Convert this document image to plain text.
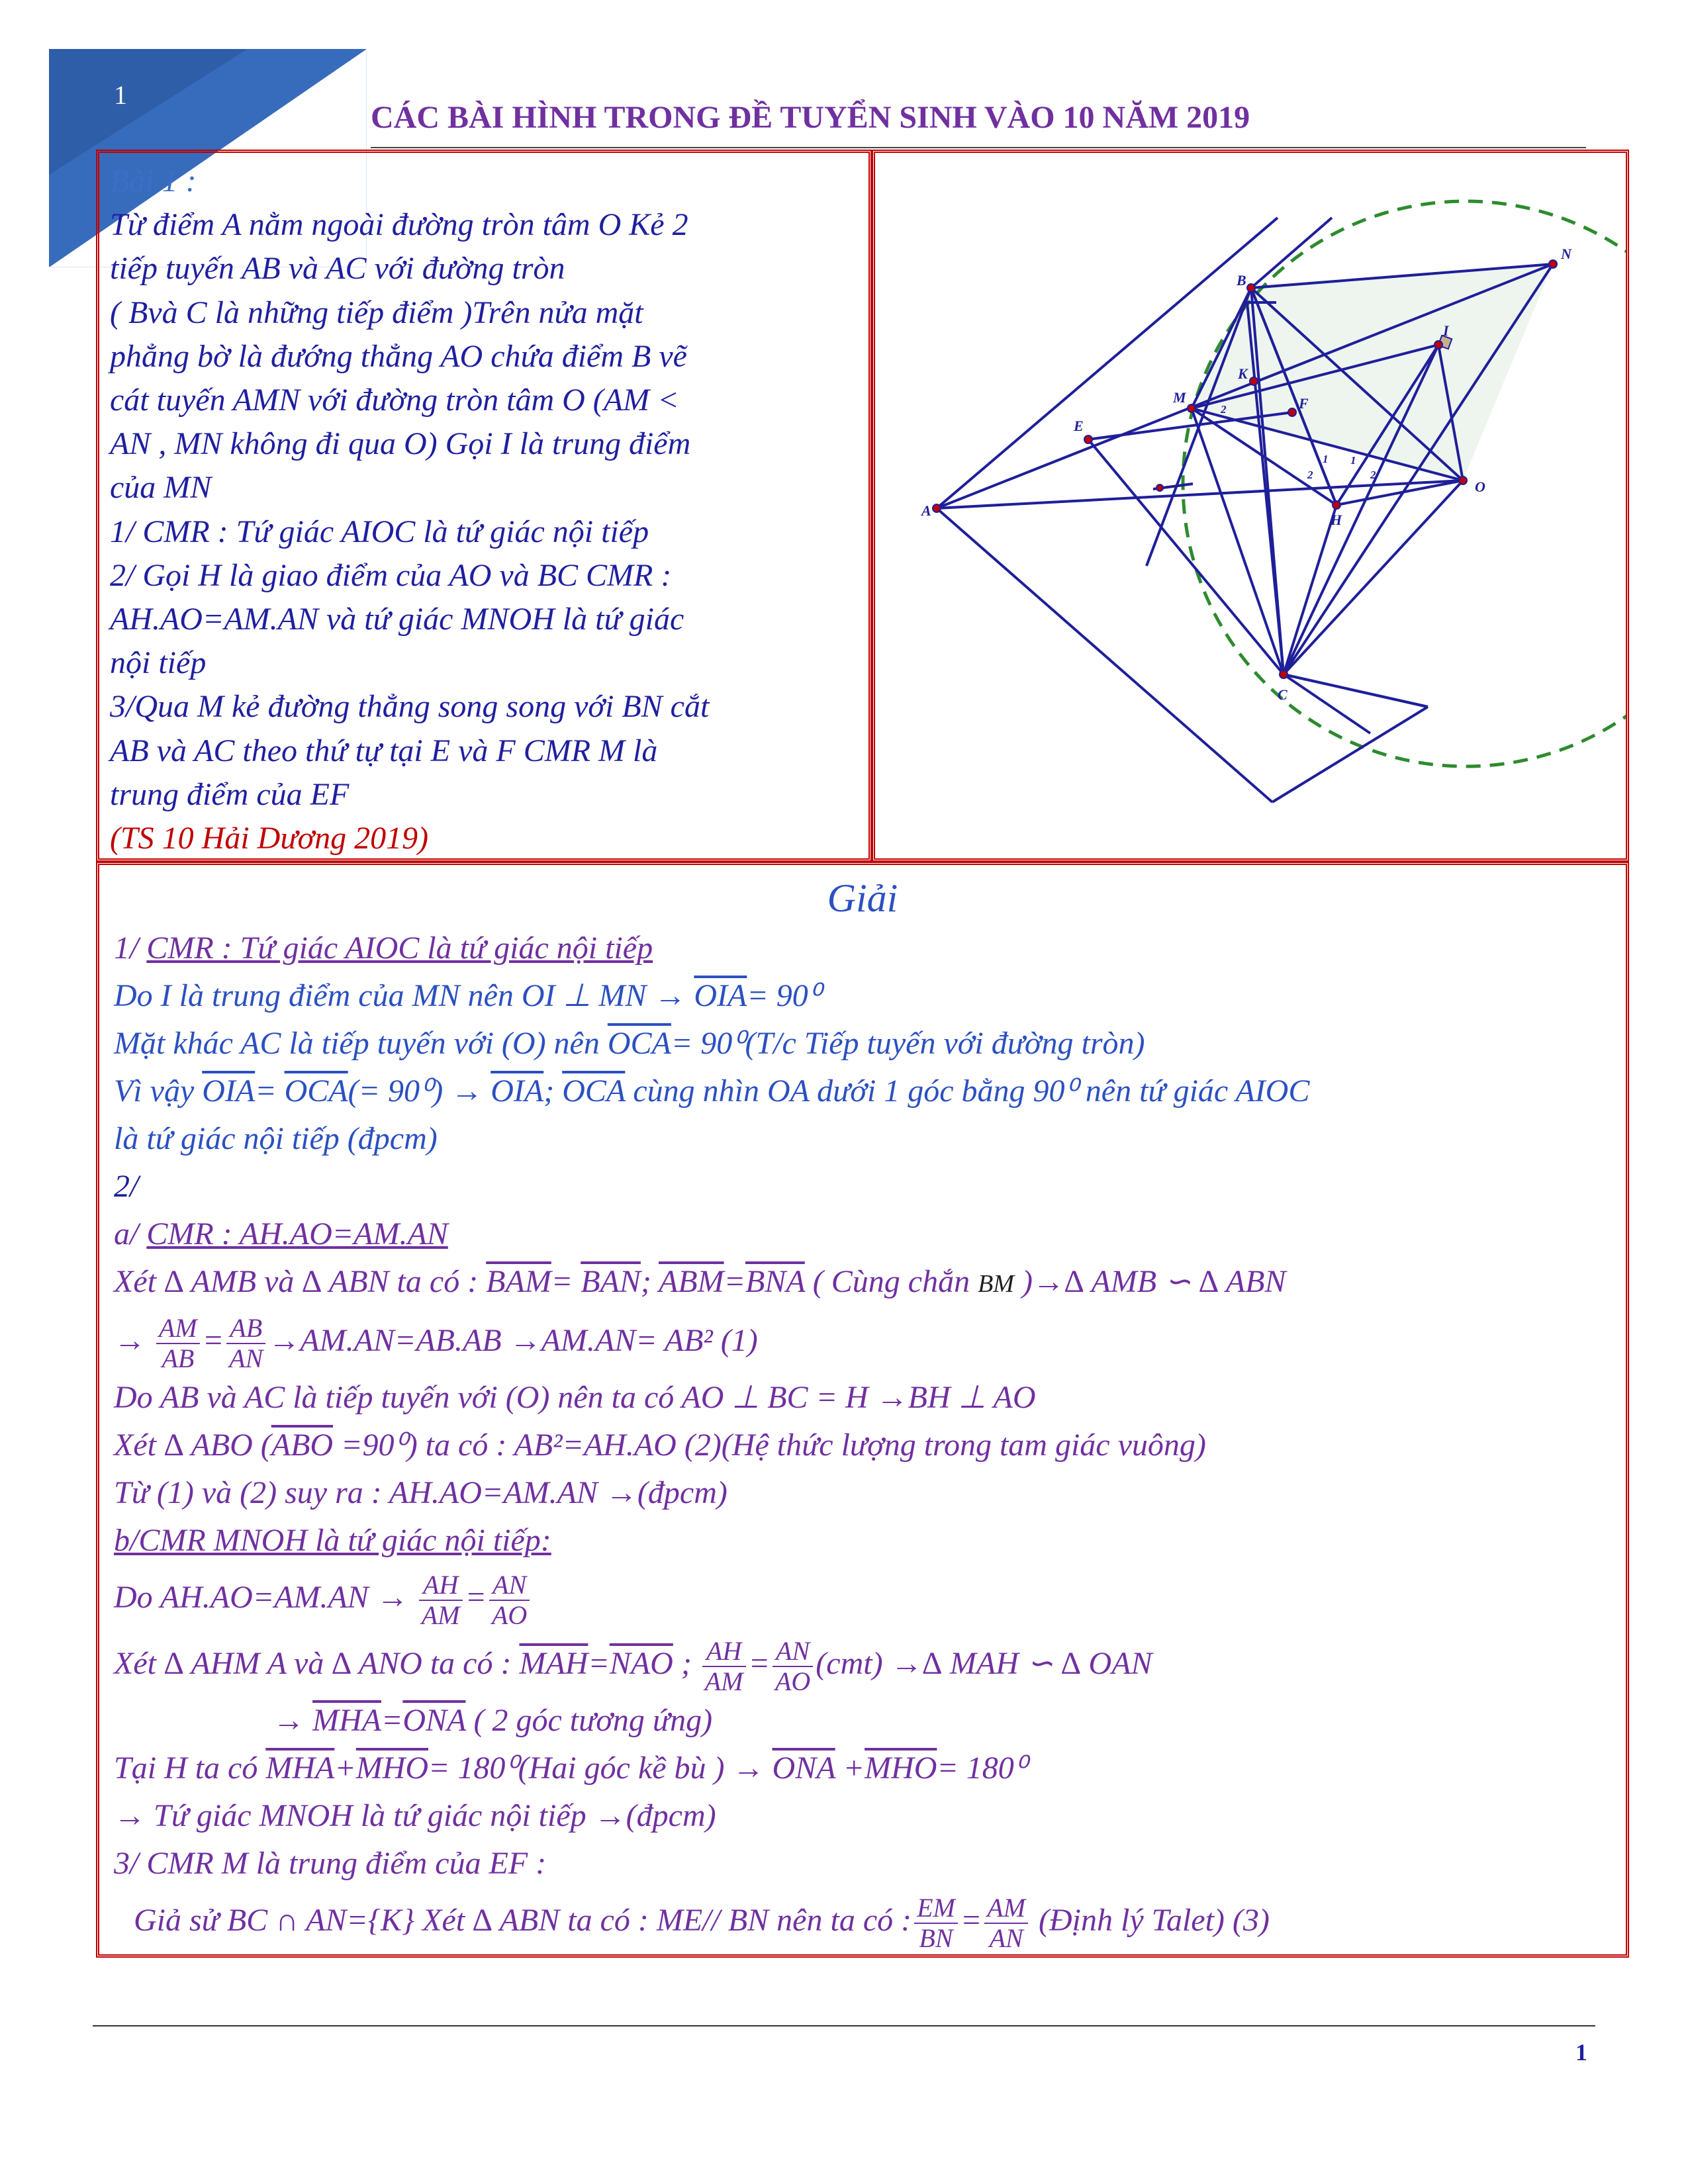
1
CÁC BÀI HÌNH TRONG ĐỀ TUYỂN SINH VÀO 10 NĂM 2019
Bài 1 :
Từ điểm A nằm ngoài đường tròn tâm O Kẻ 2
tiếp tuyến AB và AC với đường tròn
( Bvà C là những tiếp điểm )Trên nửa mặt
phẳng bờ là đướng thẳng AO chứa điểm B vẽ
cát tuyến AMN với đường tròn tâm O (AM <
AN , MN không đi qua O) Gọi I là trung điểm
của MN
1/ CMR : Tứ giác AIOC là tứ giác nội tiếp
2/ Gọi H là giao điểm của AO và BC CMR :
AH.AO=AM.AN và tứ giác MNOH là tứ giác
nội tiếp
3/Qua M kẻ đường thẳng song song với BN cắt
AB và AC theo thứ tự tại E và F CMR M là
trung điểm của EF
(TS 10 Hải Dương 2019)
A
B
C
E
M
N
I
K
F
H
O
2
1 1
2	2
Giải
1/ CMR : Tứ giác AIOC là tứ giác nội tiếp
Do I là trung điểm của MN nên OI ⊥ MN → $\overline{OIA}= 90^0$
Mặt khác AC là tiếp tuyến với (O) nên $\overline{OCA}= 90^0(T/c$ Tiếp tuyến với đường tròn)
Vì vậy $\overline{OIA}= \overline{OCA}(= 90^0) \to \overline{OIA}$; $\overline{OCA}$ cùng nhìn OA dưới 1 góc bằng 90⁰ nên tứ giác AIOC
là tứ giác nội tiếp (đpcm)
2/
a/ CMR : AH.AO=AM.AN
Xét ∆ AMB và ∆ ABN ta có : $\overline{BAM}= \overline{BAN}$; $\overline{ABM}=\overline{BNA}$ ( Cùng chắn BM )→∆ AMB ∽ ∆ ABN
→ $\frac{AM}{AB} = \frac{AB}{AN} \to AM.AN=AB.AB \to AM.AN= AB^2$ (1)
Do AB và AC là tiếp tuyến với (O) nên ta có AO ⊥ BC = H →BH ⊥ AO
Xét ∆ ABO $(\overline{ABO} =90^0)$ ta có : AB²=AH.AO (2)(Hệ thức lượng trong tam giác vuông)
Từ (1) và (2) suy ra : AH.AO=AM.AN →(đpcm)
b/CMR MNOH là tứ giác nội tiếp:
Do $AH.AO=AM.AN \to \frac{AH}{AM} = \frac{AN}{AO}$
Xét ∆ AHM A và ∆ ANO ta có : $\overline{MAH}=\overline{NAO}$ ; $\frac{AH}{AM} = \frac{AN}{AO} (cmt)$ →∆ MAH ∽ ∆ OAN
→ $\overline{MHA}=\overline{ONA}$ ( 2 góc tương ứng)
Tại H ta có $\overline{MHA}+\overline{MHO}= 180^0(Hai$ góc kề bù ) → $\overline{ONA} +\overline{MHO}= 180^0$
→ Tứ giác MNOH là tứ giác nội tiếp →(đpcm)
3/ CMR M là trung điểm của EF :
Giả sử BC ∩ AN={K} Xét ∆ ABN ta có : ME// BN nên ta có : $\frac{EM}{BN} = \frac{AM}{AN}$ (Định lý Talet) (3)
1
